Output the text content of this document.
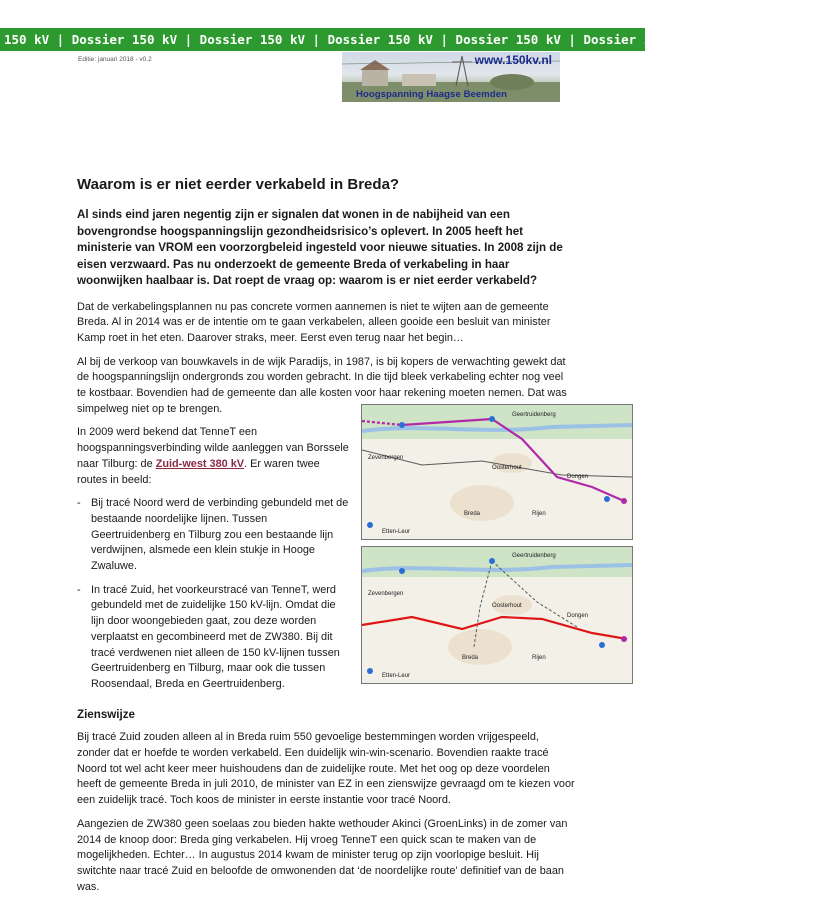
150 kV | Dossier 150 kV | Dossier 150 kV | Dossier 150 kV | Dossier 150 kV | Dossier 150 kV | Dossier 150 kV
Editie: januari 2018 - v0.2	www.150kv.nl
Hoogspanning Haagse Beemden
Waarom is er niet eerder verkabeld in Breda?

Al sinds eind jaren negentig zijn er signalen dat wonen in de nabijheid van een bovengrondse hoogspanningslijn gezondheidsrisico’s oplevert. In 2005 heeft het ministerie van VROM een voorzorgbeleid ingesteld voor nieuwe situaties. In 2008 zijn de eisen verzwaard. Pas nu onderzoekt de gemeente Breda of verkabeling in haar woonwijken haalbaar is. Dat roept de vraag op: waarom is er niet eerder verkabeld?

Dat de verkabelingsplannen nu pas concrete vormen aannemen is niet te wijten aan de gemeente Breda. Al in 2014 was er de intentie om te gaan verkabelen, alleen gooide een besluit van minister Kamp roet in het eten. Daarover straks, meer. Eerst even terug naar het begin…

Al bij de verkoop van bouwkavels in de wijk Paradijs, in 1987, is bij kopers de verwachting gewekt dat de hoogspanningslijn ondergronds zou worden gebracht. In die tijd bleek verkabeling echter nog veel te kostbaar. Bovendien had de gemeente dan alle kosten voor haar rekening moeten nemen. Dat was simpelweg niet op te brengen.

In 2009 werd bekend dat TenneT een hoogspanningsverbinding wilde aanleggen van Borssele naar Tilburg: de Zuid-west 380 kV. Er waren twee routes in beeld:

- Bij tracé Noord werd de verbinding gebundeld met de bestaande noordelijke lijnen. Tussen Geertruidenberg en Tilburg zou een bestaande lijn verdwijnen, alsmede een klein stukje in Hooge Zwaluwe.
- In tracé Zuid, het voorkeurstracé van TenneT, werd gebundeld met de zuidelijke 150 kV-lijn. Omdat die lijn door woongebieden gaat, zou deze worden verplaatst en gecombineerd met de ZW380. Bij dit tracé verdwenen niet alleen de 150 kV-lijnen tussen Geertruidenberg en Tilburg, maar ook die tussen Roosendaal, Breda en Geertruidenberg.
Zienswijze

Bij tracé Zuid zouden alleen al in Breda ruim 550 gevoelige bestemmingen worden vrijgespeeld, zonder dat er hoefde te worden verkabeld. Een duidelijk win-win-scenario. Bovendien raakte tracé Noord tot wel acht keer meer huishoudens dan de zuidelijke route. Met het oog op deze voordelen heeft de gemeente Breda in juli 2010, de minister van EZ in een zienswijze gevraagd om te kiezen voor een zuidelijk tracé. Toch koos de minister in eerste instantie voor tracé Noord.

Aangezien de ZW380 geen soelaas zou bieden hakte wethouder Akinci (GroenLinks) in de zomer van 2014 de knoop door: Breda ging verkabelen. Hij vroeg TenneT een quick scan te maken van de mogelijkheden. Echter… In augustus 2014 kwam de minister terug op zijn voorlopige besluit. Hij switchte naar tracé Zuid en beloofde de omwonenden dat ‘de noordelijke route’ definitief van de baan was.

Geertruidenberg
Zevenbergen
Oosterhout
Dongen
Breda	Rijen
Etten-Leur
Geertruidenberg
Zevenbergen
Oosterhout
Dongen
Breda	Rijen
Etten-Leur
